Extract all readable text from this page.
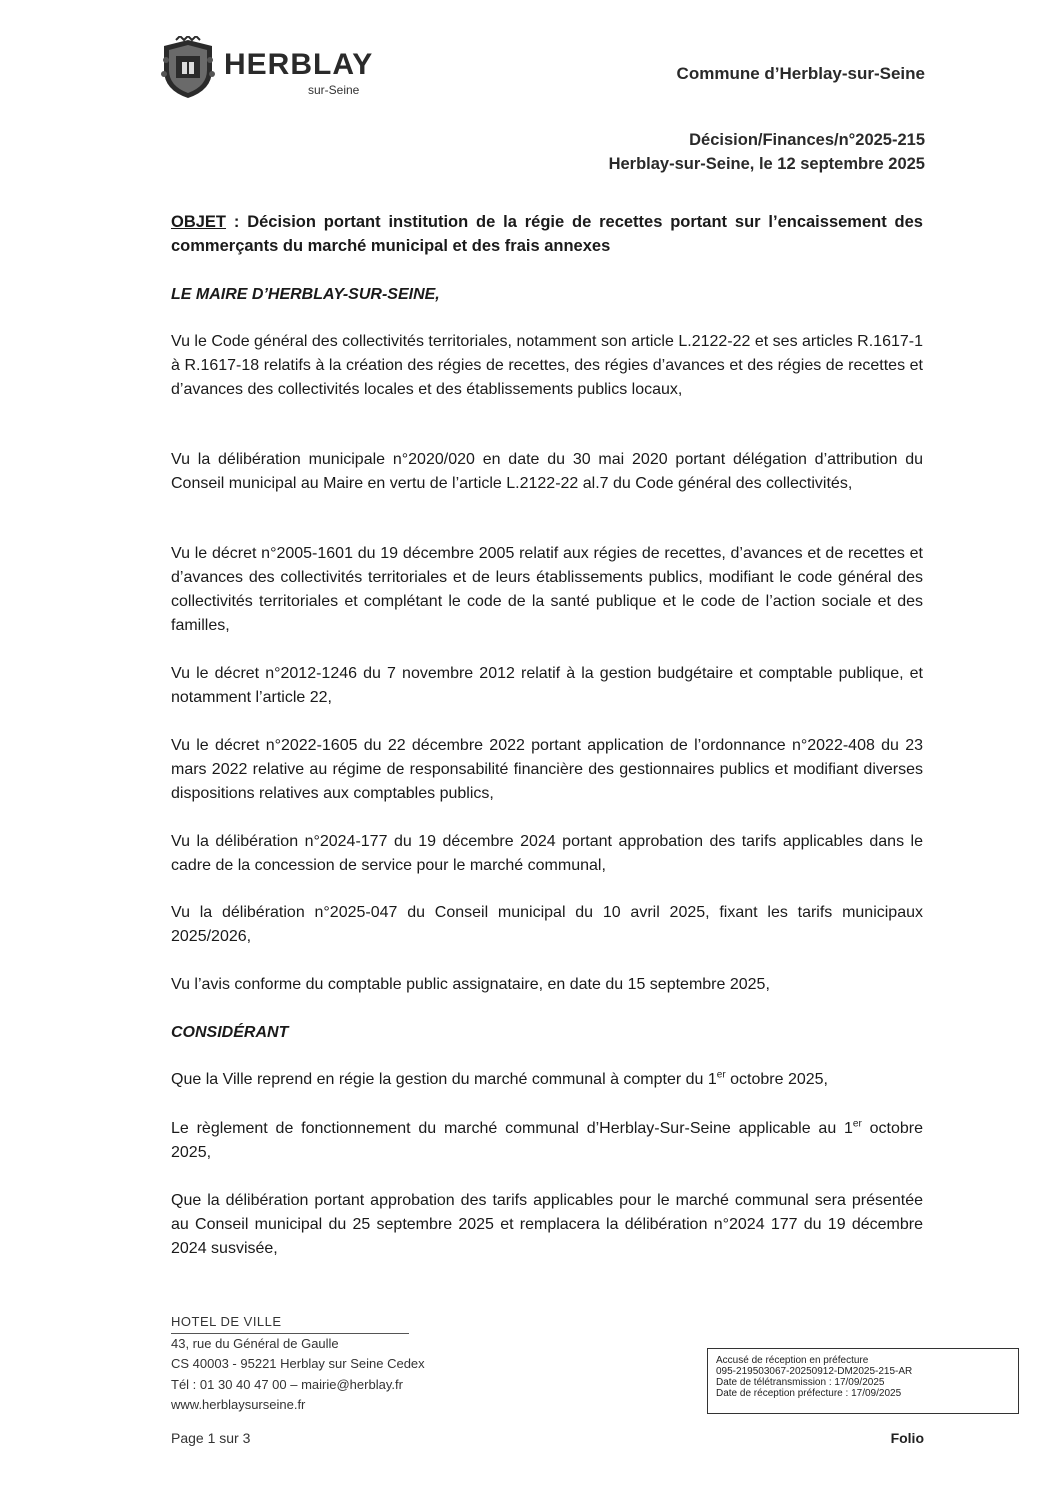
HERBLAY
sur-Seine
Commune d’Herblay-sur-Seine
Décision/Finances/n°2025-215
Herblay-sur-Seine, le 12 septembre 2025
OBJET : Décision portant institution de la régie de recettes portant sur l’encaissement des commerçants du marché municipal et des frais annexes
LE MAIRE D’HERBLAY-SUR-SEINE,
Vu le Code général des collectivités territoriales, notamment son article L.2122-22 et ses articles R.1617-1 à R.1617-18 relatifs à la création des régies de recettes, des régies d’avances et des régies de recettes et d’avances des collectivités locales et des établissements publics locaux,
Vu la délibération municipale n°2020/020 en date du 30 mai 2020 portant délégation d’attribution du Conseil municipal au Maire en vertu de l’article L.2122-22 al.7 du Code général des collectivités,
Vu le décret n°2005-1601 du 19 décembre 2005 relatif aux régies de recettes, d’avances et de recettes et d’avances des collectivités territoriales et de leurs établissements publics, modifiant le code général des collectivités territoriales et complétant le code de la santé publique et le code de l’action sociale et des familles,
Vu le décret n°2012-1246 du 7 novembre 2012 relatif à la gestion budgétaire et comptable publique, et notamment l’article 22,
Vu le décret n°2022-1605 du 22 décembre 2022 portant application de l’ordonnance n°2022-408 du 23 mars 2022 relative au régime de responsabilité financière des gestionnaires publics et modifiant diverses dispositions relatives aux comptables publics,
Vu la délibération n°2024-177 du 19 décembre 2024 portant approbation des tarifs applicables dans le cadre de la concession de service pour le marché communal,
Vu la délibération n°2025-047 du Conseil municipal du 10 avril 2025, fixant les tarifs municipaux 2025/2026,
Vu l’avis conforme du comptable public assignataire, en date du 15 septembre 2025,
CONSIDÉRANT
Que la Ville reprend en régie la gestion du marché communal à compter du 1er octobre 2025,
Le règlement de fonctionnement du marché communal d’Herblay-Sur-Seine applicable au 1er octobre 2025,
Que la délibération portant approbation des tarifs applicables pour le marché communal sera présentée au Conseil municipal du 25 septembre 2025 et remplacera la délibération n°2024 177 du 19 décembre 2024 susvisée,
HOTEL DE VILLE
43, rue du Général de Gaulle
CS 40003 - 95221 Herblay sur Seine Cedex
Tél : 01 30 40 47 00 – mairie@herblay.fr
www.herblaysurseine.fr
Accusé de réception en préfecture
095-219503067-20250912-DM2025-215-AR
Date de télétransmission : 17/09/2025
Date de réception préfecture : 17/09/2025
Page 1 sur 3	Folio
